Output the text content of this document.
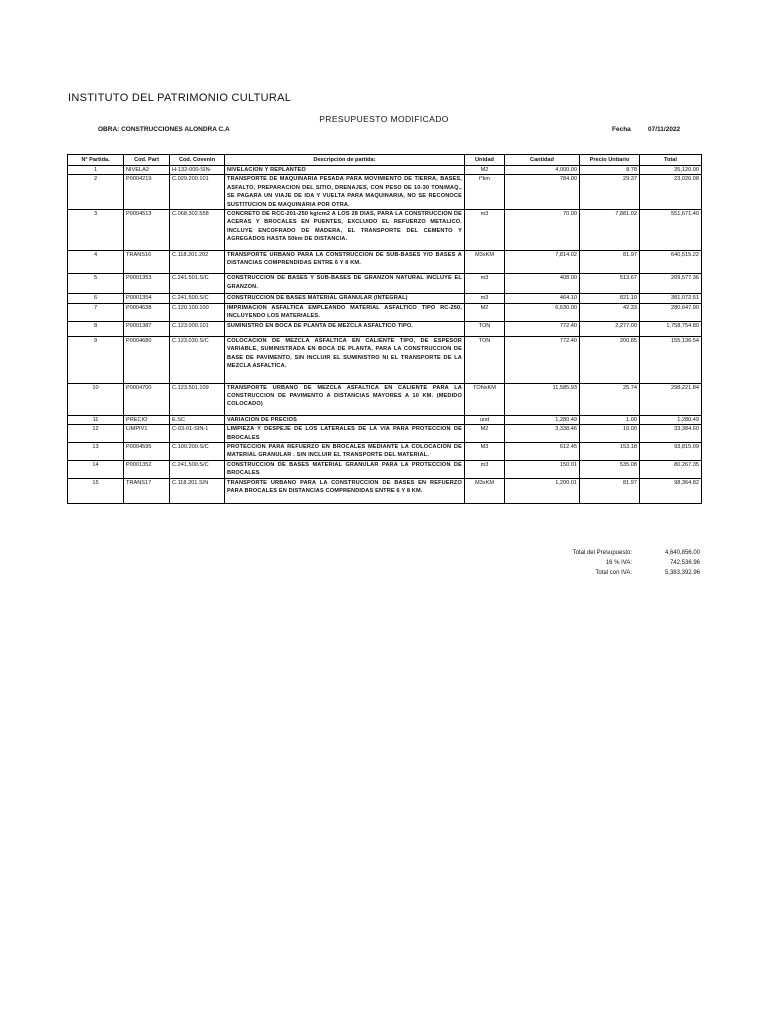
INSTITUTO DEL PATRIMONIO CULTURAL
PRESUPUESTO MODIFICADO
OBRA: CONSTRUCCIONES ALONDRA C.A	Fecha	07/11/2022
N° Partida.	Cod. Part	Cod. Covenin	Descripción de partida:	Unidad	Cantidad	Precio Unitario	Total
1	NIVELA2	H-132-000-SIN-	NIVELACION Y REPLANTEO	M2	4,000.00	8.78	35,120.00
2	P0004219	C.029.200.101	TRANSPORTE DE MAQUINARIA PESADA PARA MOVIMIENTO DE TIERRA, BASES, ASFALTO, PREPARACION DEL SITIO, DRENAJES, CON PESO DE 10-30 TON/MAQ., SE PAGARA UN VIAJE DE IDA Y VUELTA PARA MAQUINARIA, NO SE RECONOCE SUSTITUCION DE MAQUINARIA POR OTRA.	t*km	784.00	29.37	23,026.08
3	P0004513	C.068.302.558	CONCRETO DE RCC-201-250 kg/cm2 A LOS 28 DIAS, PARA LA CONSTRUCCION DE ACERAS Y BROCALES EN PUENTES, EXCLUIDO EL REFUERZO METALICO. INCLUYE ENCOFRADO DE MADERA, EL TRANSPORTE DEL CEMENTO Y AGREGADOS HASTA 50km DE DISTANCIA.	m3	70.00	7,881.02	551,671.40
4	TRANS16	C.118.201.202	TRANSPORTE URBANO PARA LA CONSTRUCCION DE SUB-BASES Y/O BASES A DISTANCIAS COMPRENDIDAS ENTRE 6 Y 8 KM.	M3xKM	7,814.02	81.97	640,515.22
5	P0001353	C.241.501.S/C	CONSTRUCCION DE BASES Y SUB-BASES DE GRANZON NATURAL INCLUYE EL GRANZON.	m3	408.00	513.67	209,577.36
6	P0001354	C.241.500.S/C	CONSTRUCCION DE BASES MATERIAL GRANULAR (INTEGRAL)	m3	464.10	821.10	381,072.51
7	P0004638	C.120.100.100	IMPRIMACION ASFALTICA EMPLEANDO MATERIAL ASFALTICO TIPO RC-250, INCLUYENDO LOS MATERIALES.	M2	6,630.00	42.33	280,647.90
8	P0001387	C.123.000.101	SUMINISTRO EN BOCA DE PLANTA DE MEZCLA ASFALTICO TIPO.	TON	772.40	2,277.00	1,758,754.80
9	P0004680	C.123.030.S/C	COLOCACION DE MEZCLA ASFALTICA EN CALIENTE TIPO, DE ESPESOR VARIABLE, SUMINISTRADA EN BOCA DE PLANTA, PARA LA CONSTRUCCION DE BASE DE PAVIMENTO, SIN INCLUIR EL SUMINISTRO NI EL TRANSPORTE DE LA MEZCLA ASFALTICA.	TON	772.40	200.85	155,136.54
10	P0004700	C.123.501.109	TRANSPORTE URBANO DE MEZCLA ASFALTICA EN CALIENTE PARA LA CONSTRUCCION DE PAVIMENTO A DISTANCIAS MAYORES A 10 KM. (MEDIDO COLOCADO)	TONxKM	11,585.93	25.74	298,221.84
11	PRECIO	E.SC	VARIACION DE PRECIOS	und	1,280.49	1.00	1,280.49
12	LIMPIV1	C-03-01-SIN-1	LIMPIEZA Y DESPEJE DE LOS LATERALES DE LA VIA PARA PROTECCION DE BROCALES	M2	3,338.46	10.00	33,384.60
13	P0004595	C.100.200.S/C	PROTECCION PARA REFUERZO EN BROCALES MEDIANTE LA COLOCACION DE MATERIAL GRANULAR . SIN INCLUIR EL TRANSPORTE DEL MATERIAL.	M3	612.45	153.18	93,815.09
14	P0001352	C.241.500.S/C	CONSTRUCCION DE BASES MATERIAL GRANULAR PARA LA PROTECCION DE BROCALES	m3	150.01	535.08	80,267.35
15	TRANS17	C.118.201.S/N	TRANSPORTE URBANO PARA LA CONSTRUCCION DE BASES EN REFUERZO PARA BROCALES EN DISTANCIAS COMPRENDIDAS ENTRE 6 Y 8 KM.	M3xKM	1,200.01	81.97	98,364.82
Total del Presupuesto:	4,640,856.00
16 % IVA:	742,536.96
Total con IVA:	5,383,392.96
